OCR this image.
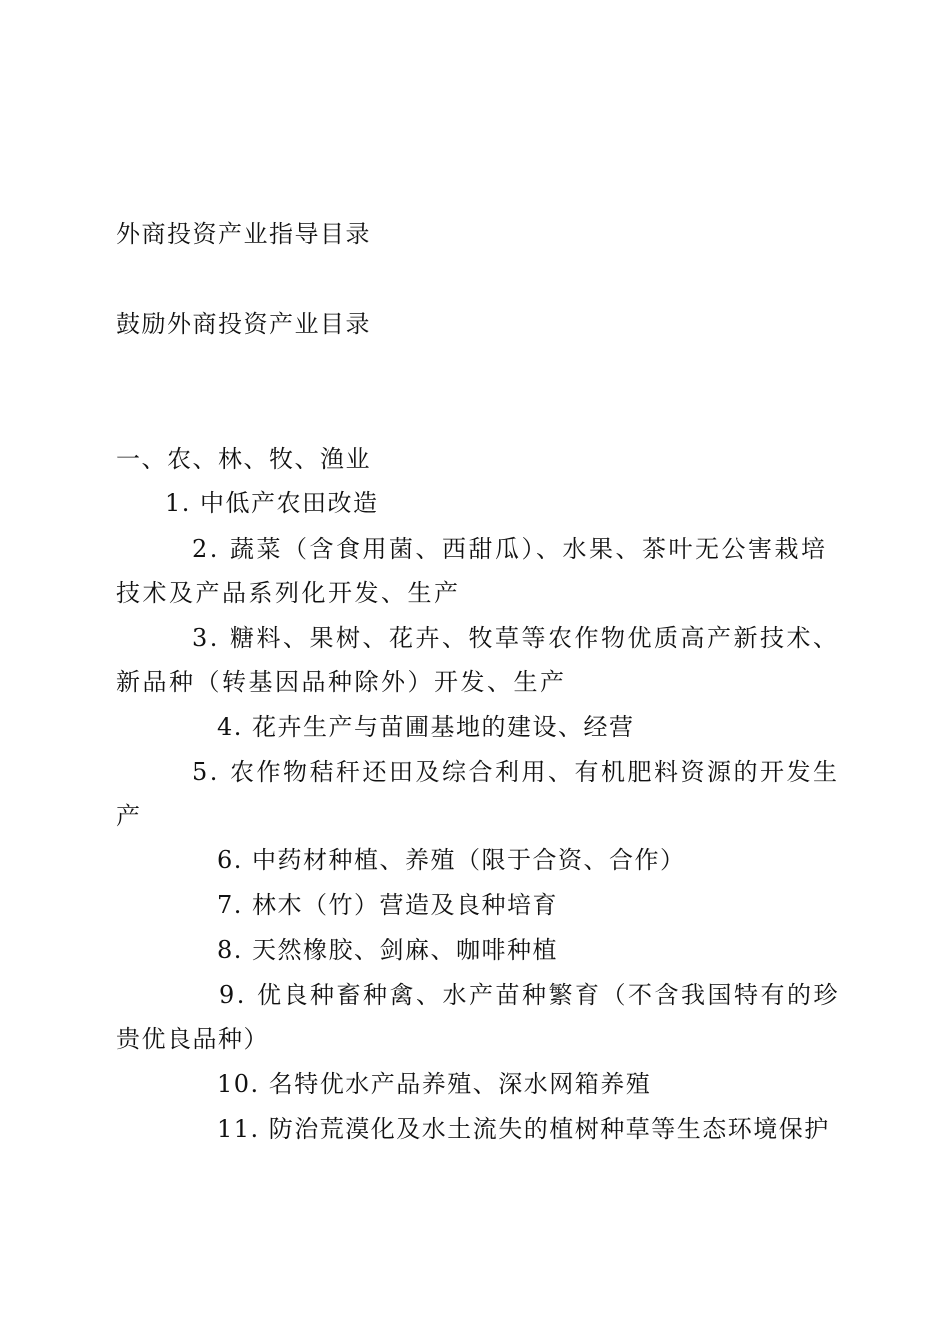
外商投资产业指导目录
鼓励外商投资产业目录
一、农、林、牧、渔业
1. 中低产农田改造
2. 蔬菜（含食用菌、西甜瓜）、水果、茶叶无公害栽培
技术及产品系列化开发、生产
3. 糖料、果树、花卉、牧草等农作物优质高产新技术、
新品种（转基因品种除外）开发、生产
4. 花卉生产与苗圃基地的建设、经营
5. 农作物秸秆还田及综合利用、有机肥料资源的开发生
产
6. 中药材种植、养殖（限于合资、合作）
7. 林木（竹）营造及良种培育
8. 天然橡胶、剑麻、咖啡种植
9. 优良种畜种禽、水产苗种繁育（不含我国特有的珍
贵优良品种）
10. 名特优水产品养殖、深水网箱养殖
11. 防治荒漠化及水土流失的植树种草等生态环境保护
